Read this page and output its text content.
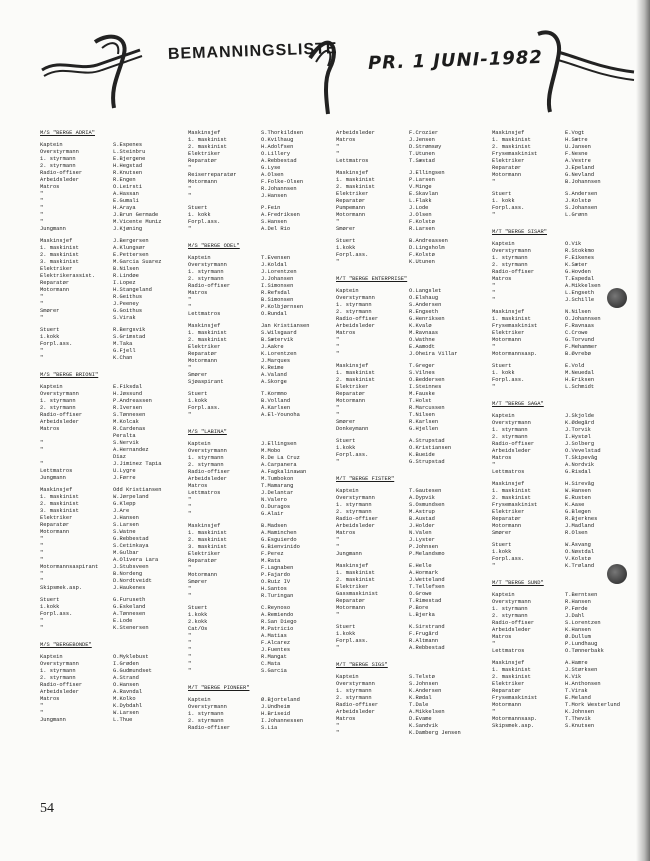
BEMANNINGSLISTE PR. 1 JUNI-1982
M/S "BERGE ADRIA"
Kaptein	S.Espenes
Overstyrmann	L.Steinbru
1. styrmann	E.Bjergene
2. styrmann	H.Hegstad
Radio-offiser	R.Knutsen
Arbeidsleder	R.Engen
Matros	O.Leirsti
"	A.Hassan
"	E.Gumali
"	H.Araya
"	J.Brun Germade
"	M.Vicente Muniz
Jungmann	J.Kjøning
Maskinsjef	J.Bergersen
1. maskinist	A.Klungsør
2. maskinist	E.Pettersen
3. maskinist	M.Garcia Suarez
Elektriker	B.Nilsen
Elektrikerassist.	R.Lindøe
Reparatør	I.Lopez
Motormann	H.Stangeland
"	R.Geithus
"	J.Peeney
Smører	G.Goithus
"	S.Virak
Stuert	R.Bergsvik
1.kokk	S.Grimstad
Forpl.ass.	M.Taka
"	G.Fjell
"	K.Chan
M/S "BERGE BRIONI"
Kaptein	E.Fiksdal
Overstyrmann	H.Jøssund
1. styrmann	P.Andreassen
2. styrmann	R.Iversen
Radio-offiser	S.Tønnesen
Arbeidsleder	M.Kolcak
Matros	R.Cardenas
Peralta
"	S.Nervik
"	A.Hernandez
Diaz
"	J.Jiminez Tapia
Lettmatros	U.Lygre
Jungmann	J.Førre
Maskinsjef	Odd Kristiansen
1. maskinist	W.Jørpeland
2. maskinist	G.Klepp
3. maskinist	J.Are
Elektriker	J.Hansen
Reparatør	S.Larsen
Motormann	S.Watne
"	G.Rebbestad
"	S.Cetinkaya
"	M.Gulbar
"	A.Olivera Lara
Motormannsaspirant	J.Stubsveen
"	B.Nordeng
"	D.Nordtveidt
Skipsmek.asp.	J.Haukenes
Stuert	G.Furuseth
1.kokk	G.Eskeland
Forpl.ass.	A.Tønnesen
"	E.Lode
"	K.Stenersen
M/S "BERGEBONDE"
Kaptein	O.Myklebust
Overstyrmann	I.Grøden
1. styrmann	G.Gudmundset
2. styrmann	A.Strand
Radio-offiser	O.Hansen
Arbeidsleder	A.Ravndal
Matros	M.Kolko
"	K.Dybdahl
"	W.Larsen
Jungmann	L.Thue
Maskinsjef	S.Thorkildsen
1. maskinist	O.Kvilhaug
2. maskinist	H.Adolfsen
Elektriker	O.Lillery
Reparatør	A.Rebbestad
"	G.Lyse
Reiserreparatør	A.Olsen
Motormann	F.Folke-Olsen
"	R.Johannsen
"	J.Hansen
Stuert	P.Fein
1. kokk	A.Fredriksen
Forpl.ass.	S.Hansen
"	A.Del Rio
M/S "BERGE ODEL"
Kaptein	T.Evensen
Overstyrmann	J.Koldal
1. styrmann	J.Lorentzen
2. styrmann	J.Johansen
Radio-offiser	I.Simonsen
Matros	R.Refsdal
"	B.Simonsen
"	P.Kolbjørnsen
Lettmatros	O.Rundal
Maskinsjef	Jan Kristiansen
1. maskinist	S.Wilsgaard
2. maskinist	B.Sætervik
Elektriker	J.Aakre
Reparatør	K.Lorentzen
Motormann	J.Marques
"	K.Reime
Smører	A.Valand
Sjøaspirant	A.Skorge
Stuert	T.Kormmo
1.kokk	B.Volland
Forpl.ass.	Å.Karlsen
"	A.El-Younoha
M/S "LABINA"
Kaptein	J.Ellingsen
Overstyrmann	M.Mobo
1. styrmann	R.De La Cruz
2. styrmann	A.Carpanera
Radio-offiser	A.Fagkalinawan
Arbeidsleder	M.Tumbokon
Matros	T.Mamarang
Lettmatros	J.Delantar
"	N.Valero
"	O.Duragos
"	G.Alair
Maskinsjef	B.Madsen
1. maskinist	A.Maminchen
2. maskinist	G.Esguierdo
3. maskinist	G.Bienvinido
Elektriker	F.Perez
Reparatør	M.Rata
"	F.Lagnaben
Motormann	P.Fajardo
Smører	O.Ruiz IV
"	H.Santos
"	R.Turingan
Stuert	C.Reynoso
1.kokk	A.Remiendo
2.kokk	R.San Diego
Cat/Os	M.Patricio
"	A.Matias
"	F.Alcarez
"	J.Fuentes
"	R.Mangat
"	C.Mata
"	S.Garcia
M/T "BERGE PIONEER"
Kaptein	Ø.Bjorteland
Overstyrmann	J.Undheim
1. styrmann	H.Briseid
2. styrmann	I.Johannessen
Radio-offiser	S.Lia
Arbeidsleder	F.Crozier
Matros	J.Jensen
"	D.Strømsøy
"	T.Utunen
Lettmatros	T.Sæstad
Maskinsjef	J.Ellingsen
1. maskinist	P.Larsen
2. maskinist	V.Minge
Elektriker	E.Skavlan
Reparatør	L.Flakk
Pumpemann	J.Lode
Motormann	J.Olsen
"	F.Kolstø
Smører	R.Larsen
Stuert	B.Andreassen
1.kokk	D.Lingsholm
Forpl.ass.	F.Kolstø
"	K.Utunen
M/T "BERGE ENTERPRISE"
Kaptein	O.Langslet
Overstyrmann	O.Elshaug
1. styrmann	S.Andersen
2. styrmann	R.Engseth
Radio-offiser	G.Henriksen
Arbeidsleder	K.Kvalø
Matros	M.Ravnaas
"	O.Wathne
"	E.Aamodt
"	J.Oheira Villar
Maskinsjef	T.Greger
1. maskinist	S.Vilnes
2. maskinist	O.Beddersen
Elektriker	I.Steinnes
Reparatør	M.Fauske
Motormann	T.Holst
"	R.Marcussen
"	T.Nilsen
Smører	R.Karlsen
Donkeymann	G.Hjellen
Stuert	A.Strupstad
1.kokk	O.Kristiansen
Forpl.ass.	K.Bueide
"	G.Strupstad
M/T "BERGE FISTER"
Kaptein	T.Gautesen
Overstyrmann	A.Dypvik
1. styrmann	S.Osmundsen
2. styrmann	M.Astrup
Radio-offiser	B.Austad
Arbeidsleder	J.Holder
Matros	N.Valen
"	J.Lyster
"	P.Johnsen
Jungmann	P.Melandsmo
Maskinsjef	E.Helle
1. maskinist	A.Hormark
2. maskinist	J.Wetteland
Elektriker	T.Tellefsen
Gassmaskinist	O.Growe
Reparatør	T.Rimestad
Motormann	P.Bore
"	L.Bjerka
Stuert	K.Sirstrand
1.kokk	F.Frugård
Forpl.ass.	R.Altmann
"	A.Rebbestad
M/T "BERGE SIGS"
Kaptein	S.Telstø
Overstyrmann	S.Johnsen
1. styrmann	K.Andersen
2. styrmann	K.Rødal
Radio-offiser	T.Dale
Arbeidsleder	A.Mikkelsen
Matros	D.Evame
"	K.Sandvik
"	K.Damberg Jensen
Maskinsjef	E.Vogt
1. maskinist	H.Sætre
2. maskinist	U.Jansen
Frysemaskinist	F.Nesne
Elektriker	A.Vestre
Reparatør	J.Epeland
Motormann	G.Nevland
"	B.Johannsen
Stuert	S.Andersen
1. kokk	J.Kolstø
Forpl.ass.	S.Johansen
"	L.Grønn
M/T "BERGE SISAR"
Kaptein	O.Vik
Overstyrmann	R.Stokkmo
1. styrmann	F.Eikenes
2. styrmann	K.Sæter
Radio-offiser	G.Hovden
Matros	T.Espedal
"	A.Mikkelsen
"	L.Engseth
"	J.Schille
Maskinsjef	N.Nilsen
1. maskinist	O.Johannsen
Frysemaskinist	F.Ravnaas
Elektriker	C.Crowe
Motormann	G.Torvund
"	F.Mehammer
Motormannsasp.	B.Øvrebø
Stuert	E.Vold
1. kokk	M.Neuedal
Forpl.ass.	H.Eriksen
"	L.Schmidt
M/T "BERGE SAGA"
Kaptein	J.Skjolde
Overstyrmann	K.Ødegård
1. styrmann	J.Torvik
2. styrmann	I.Hystøl
Radio-offiser	J.Solberg
Arbeidsleder	O.Vevelstad
Matros	T.Skipevåg
"	A.Nordvik
Lettmatros	G.Risdal
Maskinsjef	H.Sirevåg
1. maskinist	W.Hansen
2. maskinist	E.Rusten
Frysemaskinist	K.Aase
Elektriker	G.Blegen
Reparatør	R.Bjerknes
Motormann	J.Madland
Smører	R.Olsen
Stuert	W.Åsvang
1.kokk	O.Nøstdal
Forpl.ass.	V.Kolstø
"	K.Trøland
M/T "BERGE SUND"
Kaptein	T.Berntsen
Overstyrmann	R.Hansen
1. styrmann	P.Førde
2. styrmann	J.Dahl
Radio-offiser	S.Lorentzen
Arbeidsleder	K.Hansen
Matros	Ø.Dullum
"	P.Lundhaug
Lettmatros	O.Tønnerbakk
Maskinsjef	A.Hamre
1. maskinist	J.Størksen
2. maskinist	K.Vik
Elektriker	H.Anthonsen
Reparatør	T.Virak
Frysemaskinist	E.Meland
Motormann	T.Mork Westerlund
"	K.Johnsen
Motormannsasp.	T.Thevik
Skipsmek.asp.	S.Knutsen
54
